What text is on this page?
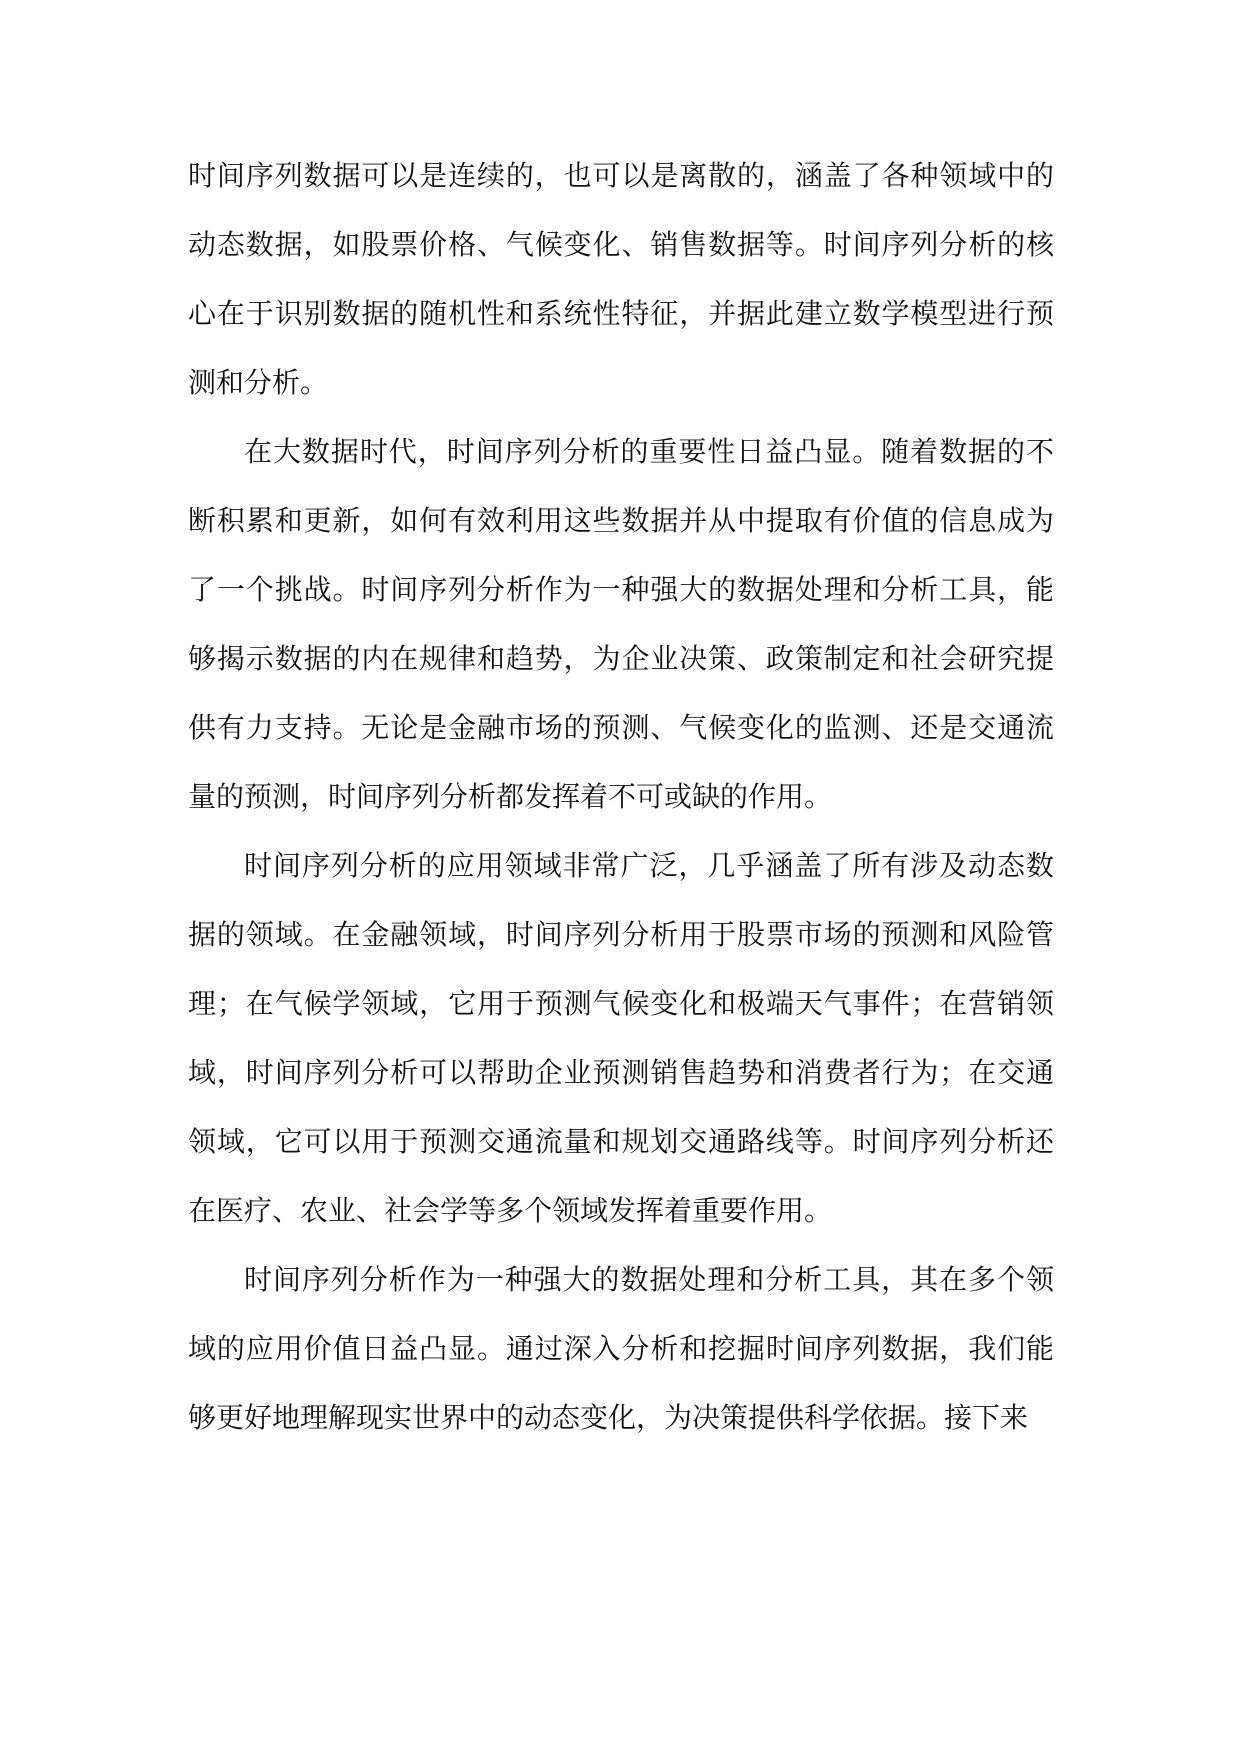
时间序列数据可以是连续的，也可以是离散的，涵盖了各种领域中的动态数据，如股票价格、气候变化、销售数据等。时间序列分析的核心在于识别数据的随机性和系统性特征，并据此建立数学模型进行预测和分析。

在大数据时代，时间序列分析的重要性日益凸显。随着数据的不断积累和更新，如何有效利用这些数据并从中提取有价值的信息成为了一个挑战。时间序列分析作为一种强大的数据处理和分析工具，能够揭示数据的内在规律和趋势，为企业决策、政策制定和社会研究提供有力支持。无论是金融市场的预测、气候变化的监测、还是交通流量的预测，时间序列分析都发挥着不可或缺的作用。

时间序列分析的应用领域非常广泛，几乎涵盖了所有涉及动态数据的领域。在金融领域，时间序列分析用于股票市场的预测和风险管理；在气候学领域，它用于预测气候变化和极端天气事件；在营销领域，时间序列分析可以帮助企业预测销售趋势和消费者行为；在交通领域，它可以用于预测交通流量和规划交通路线等。时间序列分析还在医疗、农业、社会学等多个领域发挥着重要作用。

时间序列分析作为一种强大的数据处理和分析工具，其在多个领域的应用价值日益凸显。通过深入分析和挖掘时间序列数据，我们能够更好地理解现实世界中的动态变化，为决策提供科学依据。接下来
